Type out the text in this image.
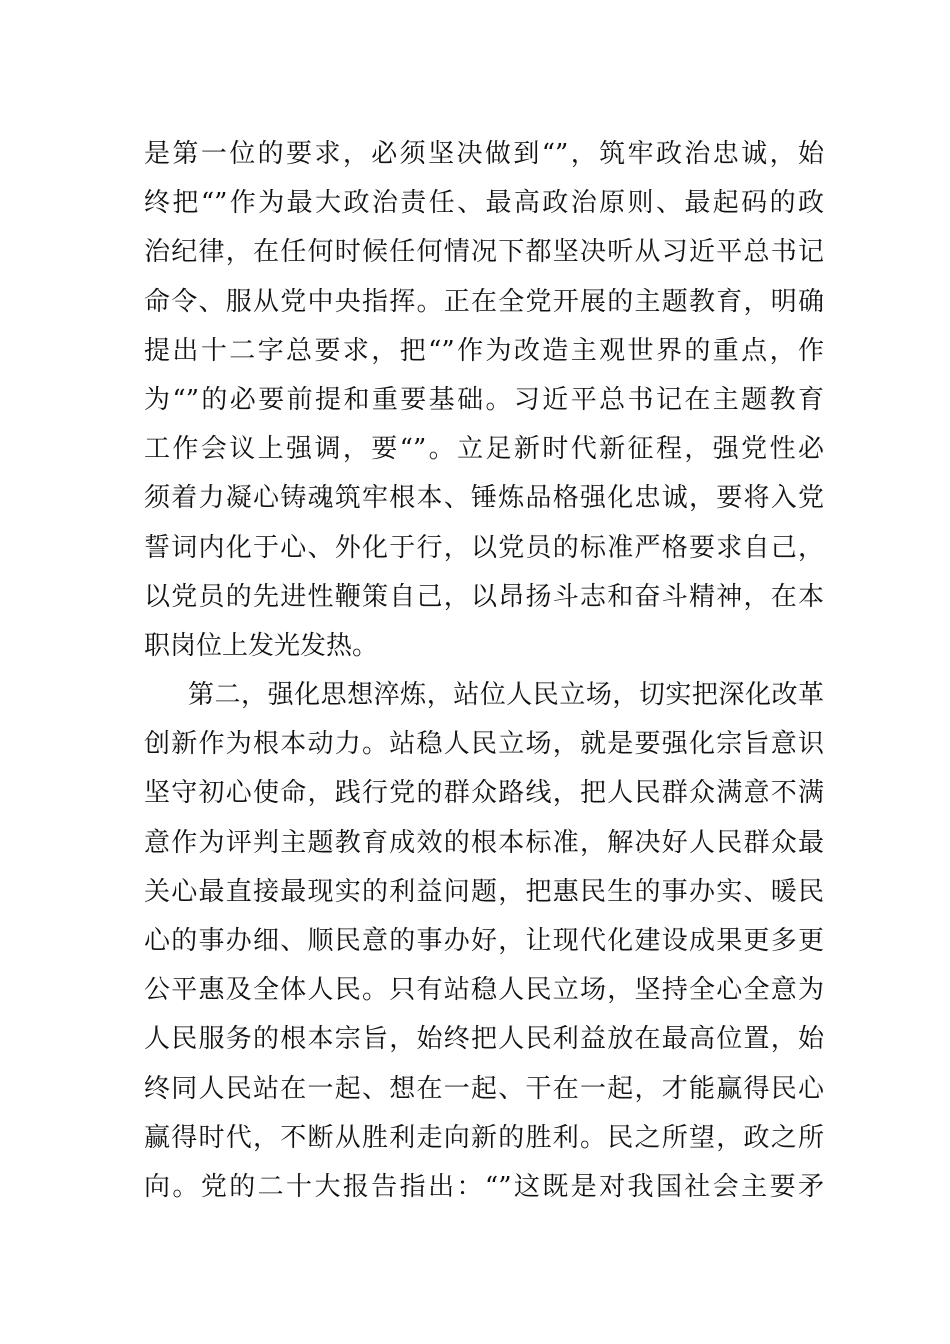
是第一位的要求，必须坚决做到“”，筑牢政治忠诚，始
终把“”作为最大政治责任、最高政治原则、最起码的政
治纪律，在任何时候任何情况下都坚决听从习近平总书记
命令、服从党中央指挥。正在全党开展的主题教育，明确
提出十二字总要求，把“”作为改造主观世界的重点，作
为“”的必要前提和重要基础。习近平总书记在主题教育
工作会议上强调，要“”。立足新时代新征程，强党性必
须着力凝心铸魂筑牢根本、锤炼品格强化忠诚，要将入党
誓词内化于心、外化于行，以党员的标准严格要求自己，
以党员的先进性鞭策自己，以昂扬斗志和奋斗精神，在本
职岗位上发光发热。
第二，强化思想淬炼，站位人民立场，切实把深化改革
创新作为根本动力。站稳人民立场，就是要强化宗旨意识
坚守初心使命，践行党的群众路线，把人民群众满意不满
意作为评判主题教育成效的根本标准，解决好人民群众最
关心最直接最现实的利益问题，把惠民生的事办实、暖民
心的事办细、顺民意的事办好，让现代化建设成果更多更
公平惠及全体人民。只有站稳人民立场，坚持全心全意为
人民服务的根本宗旨，始终把人民利益放在最高位置，始
终同人民站在一起、想在一起、干在一起，才能赢得民心
赢得时代，不断从胜利走向新的胜利。民之所望，政之所
向。党的二十大报告指出：“”这既是对我国社会主要矛
